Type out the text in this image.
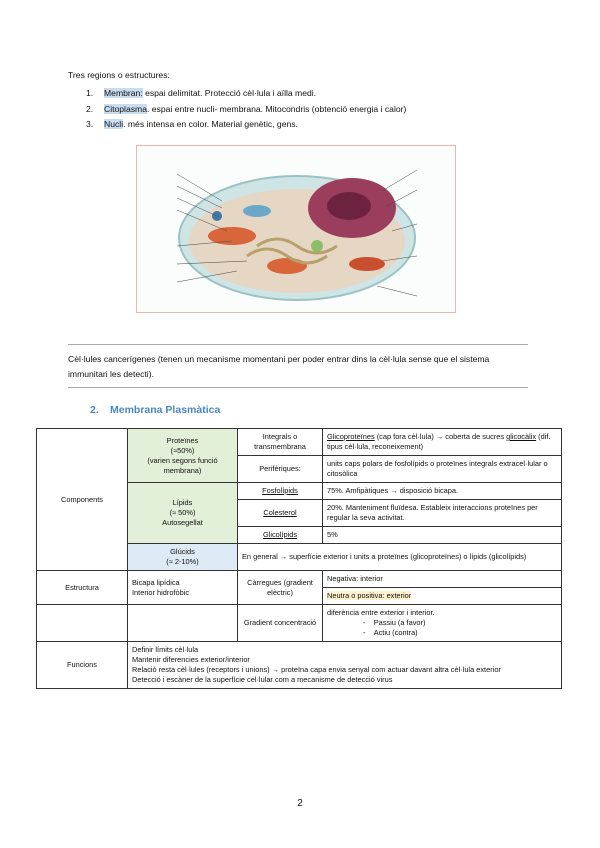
Tres regions o estructures:
1. Membran: espai delimitat. Protecció cèl·lula i aïlla medi.
2. Citoplasma. espai entre nucli- membrana. Mitocondris (obtenció energia i calor)
3. Nucli. més intensa en color. Material genètic, gens.
Cèl·lules cancerígenes (tenen un mecanisme momentani per poder entrar dins la cèl·lula sense que el sistema immunitari les detecti).
2. Membrana Plasmàtica
Components	Proteïnes
(≈50%)
(varien segons funció membrana)	Integrals o transmembrana	Glicoproteïnes (cap fora cèl·lula) → coberta de sucres glicocàlix (dif. tipus cèl·lula, reconeixement)
		Perifèriques:	units caps polars de fosfolípids o proteïnes integrals extracel·lular o citosòlica

	Lípids
(≈ 50%)
Autosegellat	Fosfolípids	75%. Amfipàtiques → disposició bicapa.
		Colesterol	20%. Manteniment fluïdesa. Estableix interaccions proteïnes per regular la seva activitat.
		Glicolípids	5%

	Glúcids
(≈ 2-10%)	En general → superfície exterior i units a proteïnes (glicoproteïnes) o lípids (glicolípids)	
Estructura	Bicapa lipídica
Interior hidrofòbic	Càrregues (gradient elèctric)	Negativa: interior
			Neutra o positiva: exterior
		Gradient concentració	diferència entre exterior i interior.
-    Passiu (a favor)
-    Actiu (contra)

Funcions	Definir límits cèl·lula
Mantenir diferencies exterior/interior
Relació resta cèl·lules (receptors i unions) → proteïna capa envia senyal com actuar davant altra cèl·lula exterior
Detecció i escàner de la superfície cel·lular com a mecanisme de detecció virus		
2
